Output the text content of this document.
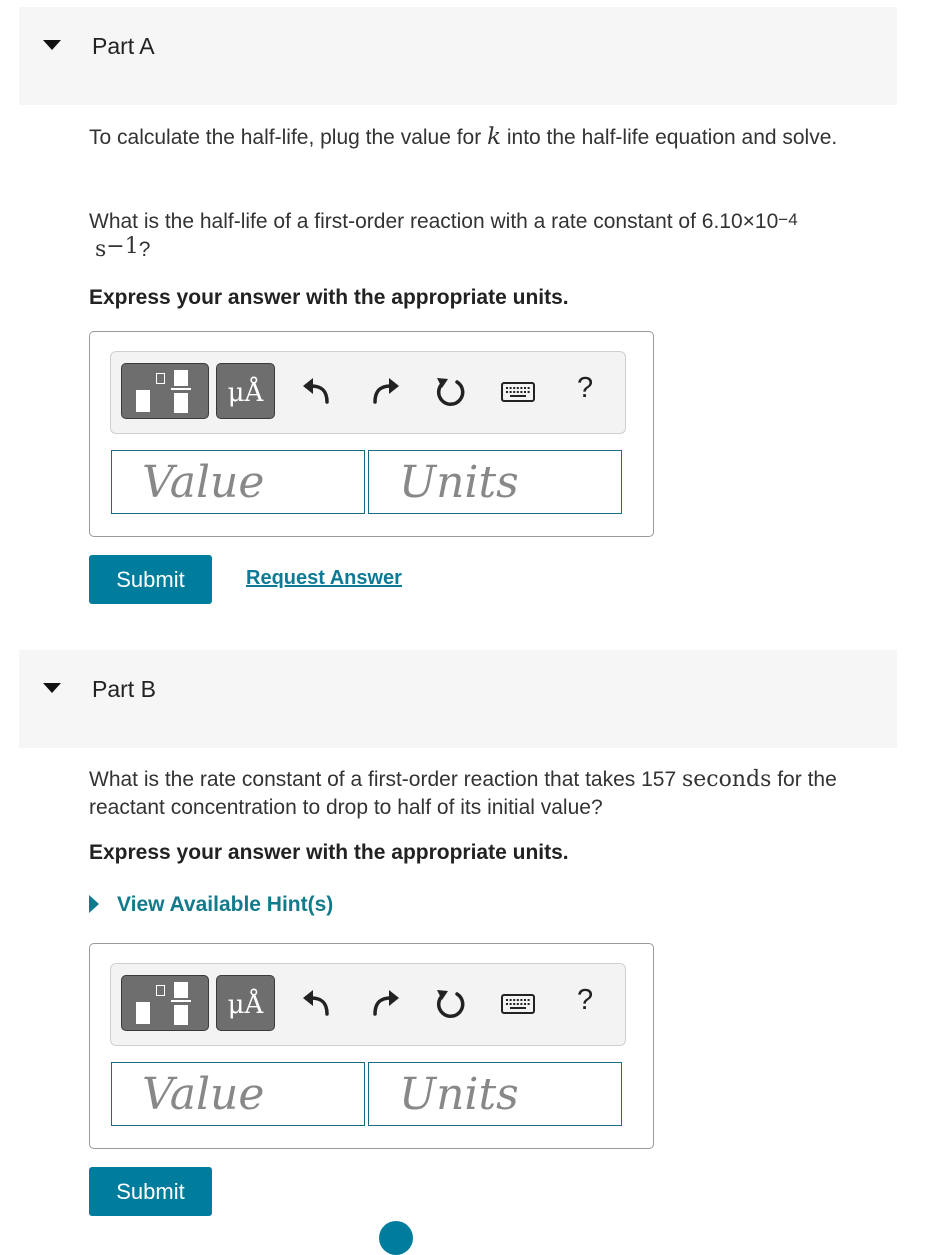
Part A
To calculate the half-life, plug the value for k into the half-life equation and solve.
What is the half-life of a first-order reaction with a rate constant of $6.10\times 10^{-4}$
$s^{-1}$?
Express your answer with the appropriate units.
μÅ	?
Value
Units
Submit	Request Answer
Part B
What is the rate constant of a first-order reaction that takes 157 seconds for the reactant concentration to drop to half of its initial value?
Express your answer with the appropriate units.
View Available Hint(s)
μÅ	?
Value
Units
Submit
